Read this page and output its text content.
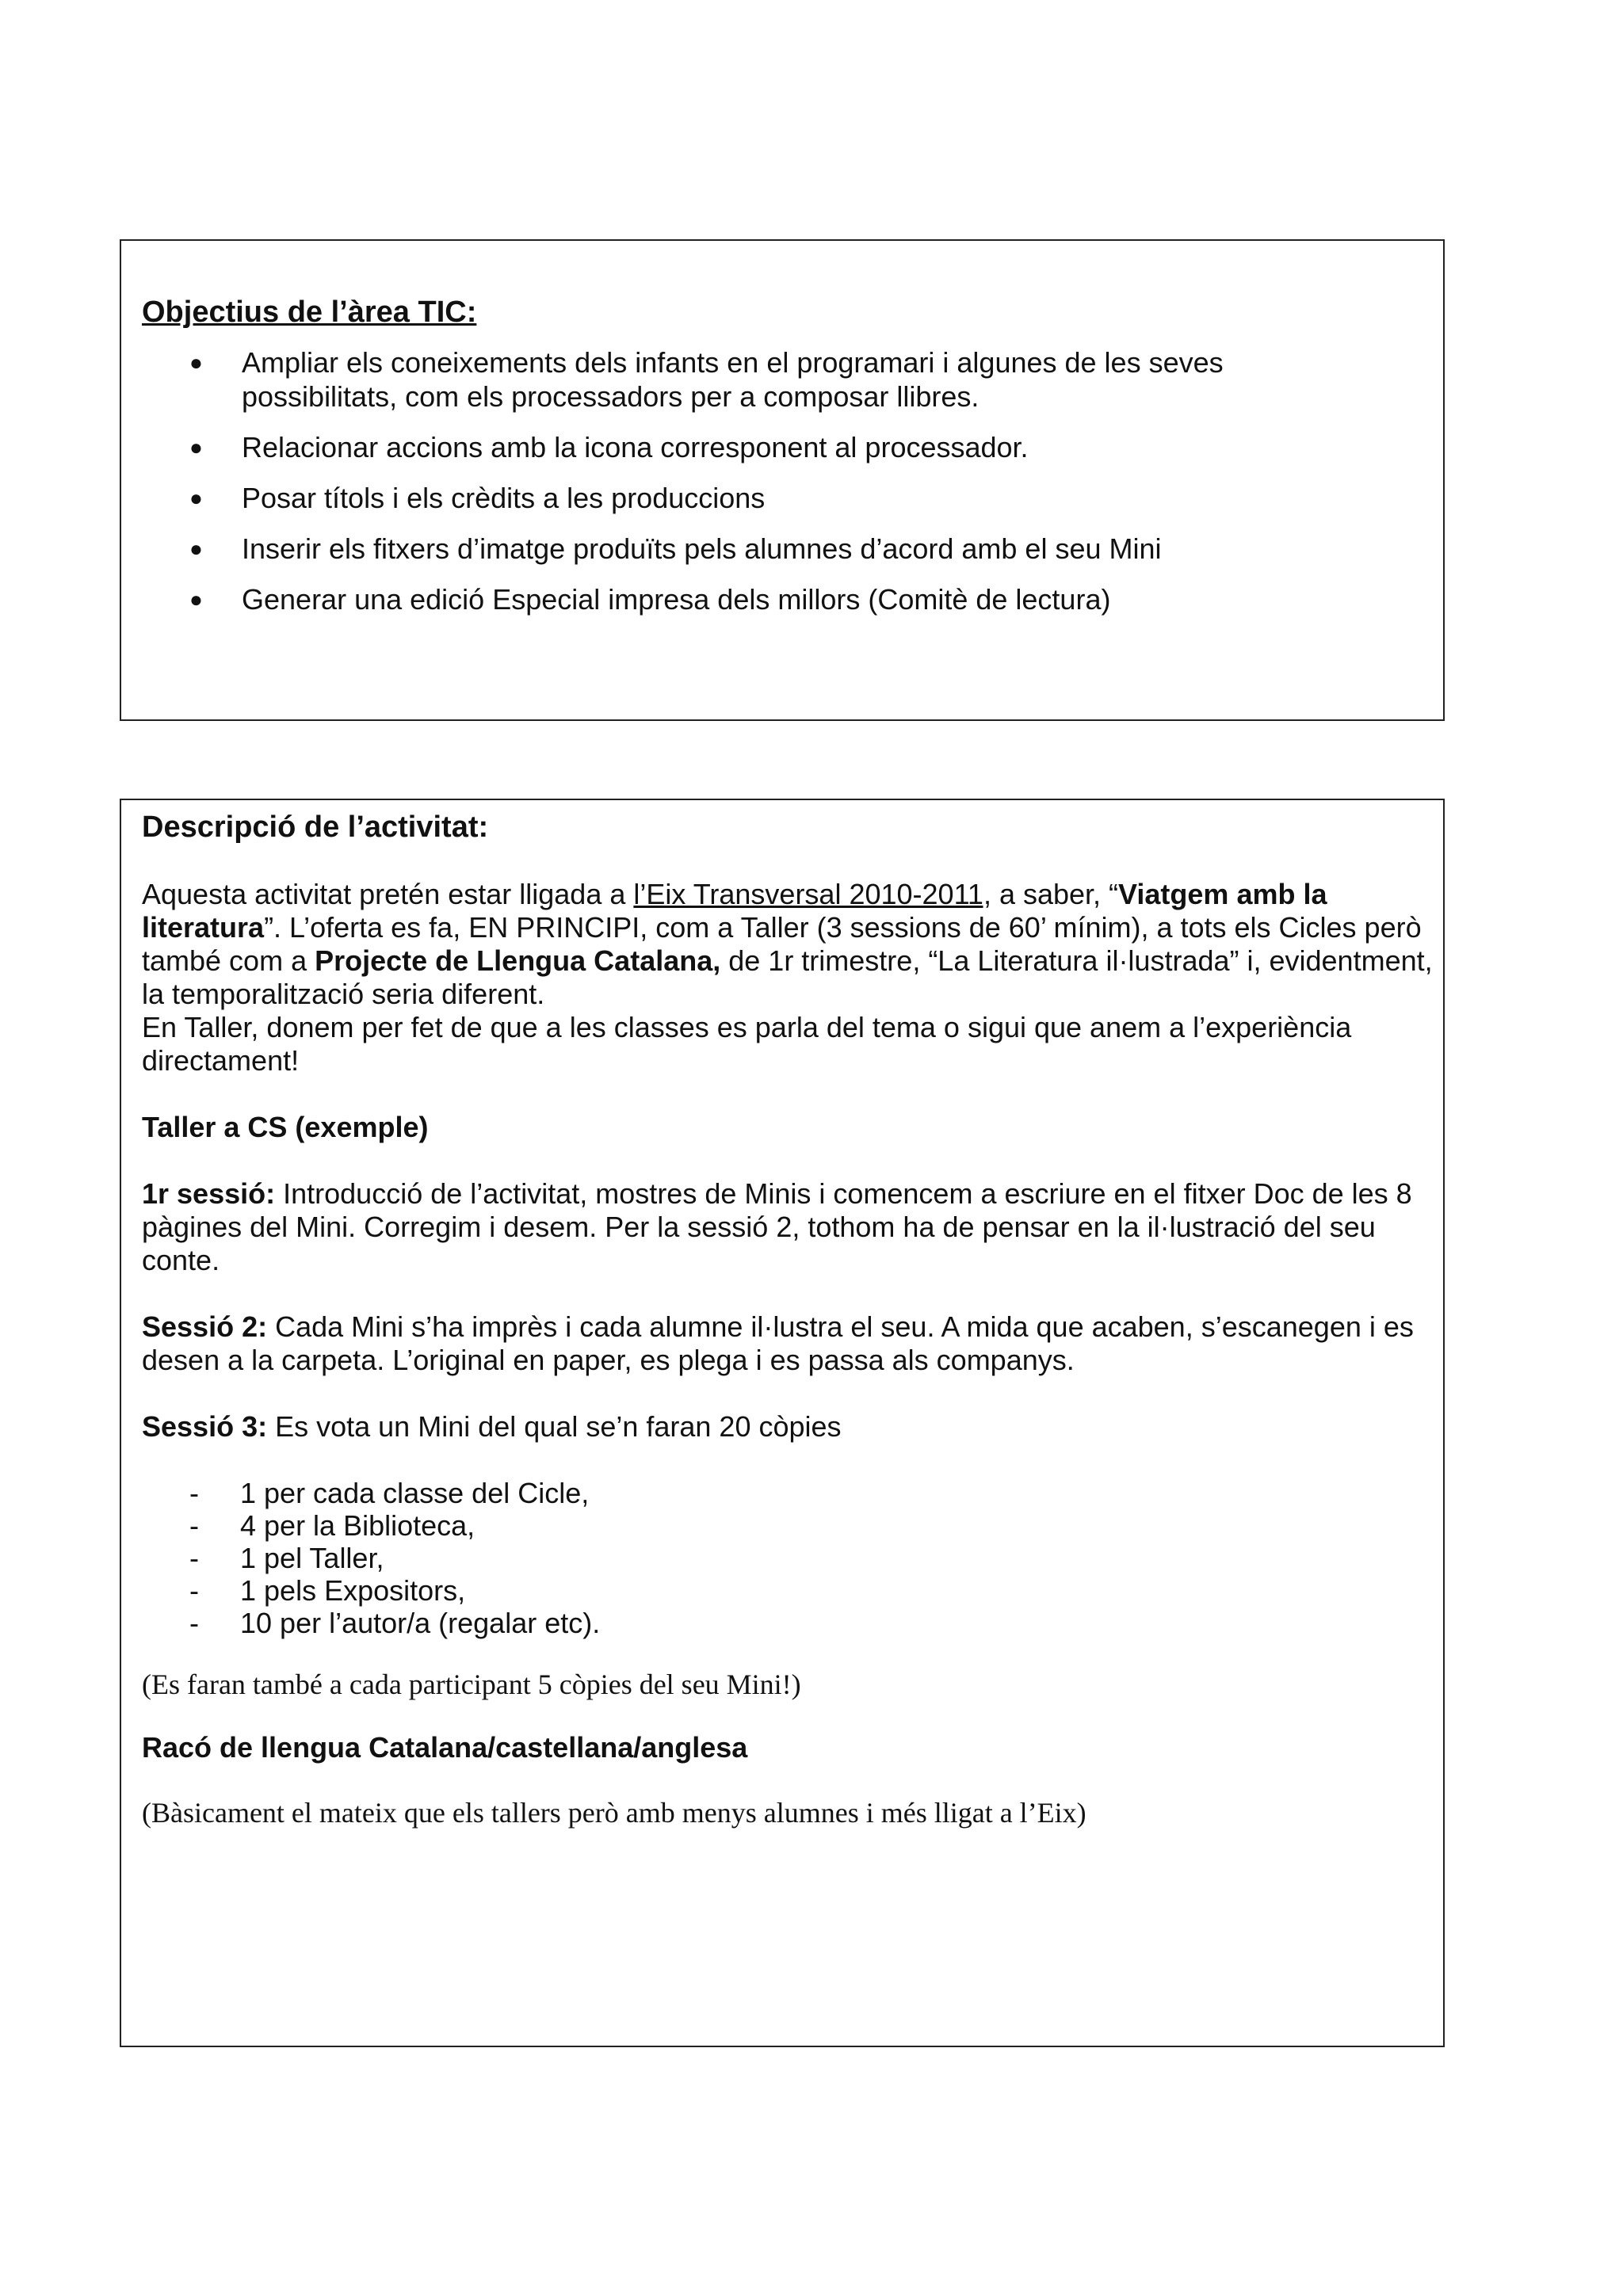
Objectius de l’àrea TIC:
● Ampliar els coneixements dels infants en el programari i algunes de les seves possibilitats, com els processadors per a composar llibres.
● Relacionar accions amb la icona corresponent al processador.
● Posar títols i els crèdits a les produccions
● Inserir els fitxers d’imatge produïts pels alumnes d’acord amb el seu Mini
● Generar una edició Especial impresa dels millors (Comitè de lectura)
Descripció de l’activitat:

Aquesta activitat pretén estar lligada a l’Eix Transversal 2010-2011, a saber, “Viatgem amb la literatura”. L’oferta es fa, EN PRINCIPI, com a Taller (3 sessions de 60’ mínim), a tots els Cicles però també com a Projecte de Llengua Catalana, de 1r trimestre, “La Literatura il·lustrada” i, evidentment, la temporalització seria diferent.

En Taller, donem per fet de que a les classes es parla del tema o sigui que anem a l’experiència directament!

Taller a CS (exemple)

1r sessió: Introducció de l’activitat, mostres de Minis i comencem a escriure en el fitxer Doc de les 8 pàgines del Mini. Corregim i desem. Per la sessió 2, tothom ha de pensar en la il·lustració del seu conte.

Sessió 2: Cada Mini s’ha imprès i cada alumne il·lustra el seu. A mida que acaben, s’escanegen i es desen a la carpeta. L’original en paper, es plega i es passa als companys.

Sessió 3: Es vota un Mini del qual se’n faran 20 còpies

- 1 per cada classe del Cicle,
- 4 per la Biblioteca,
- 1 pel Taller,
- 1 pels Expositors,
- 10 per l’autor/a (regalar etc).

(Es faran també a cada participant 5 còpies del seu Mini!)

Racó de llengua Catalana/castellana/anglesa

(Bàsicament el mateix que els tallers però amb menys alumnes i més lligat a l’Eix)
